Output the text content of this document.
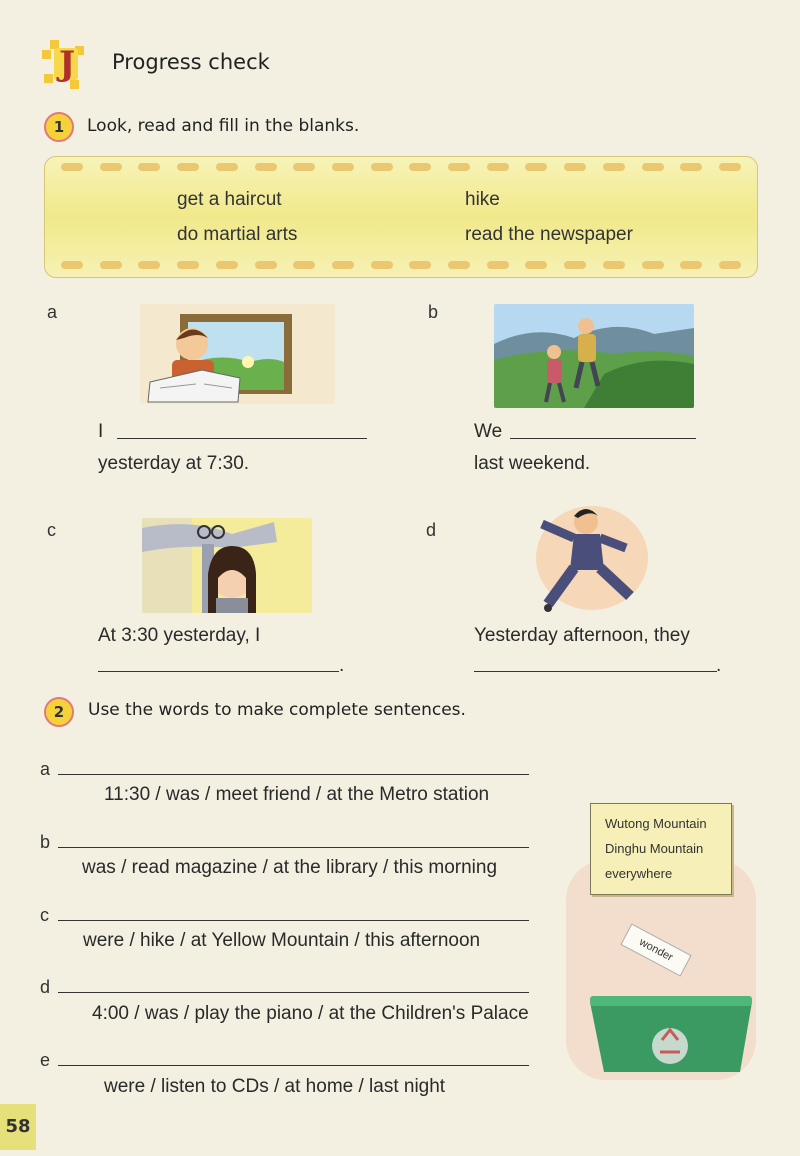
J Progress check
1	Look, read and fill in the blanks.
get a haircut	hike
do martial arts	read the newspaper
a
I
yesterday at 7:30.
b
We
last weekend.
c
At 3:30 yesterday, I
.
d
Yesterday afternoon, they
.
2	Use the words to make complete sentences.
a
11:30 / was / meet friend / at the Metro station
b
was / read magazine / at the library / this morning
c
were / hike / at Yellow Mountain / this afternoon
d
4:00 / was / play the piano / at the Children's Palace
e
were / listen to CDs / at home / last night
Wutong Mountain
Dinghu Mountain
everywhere
wonder
58
